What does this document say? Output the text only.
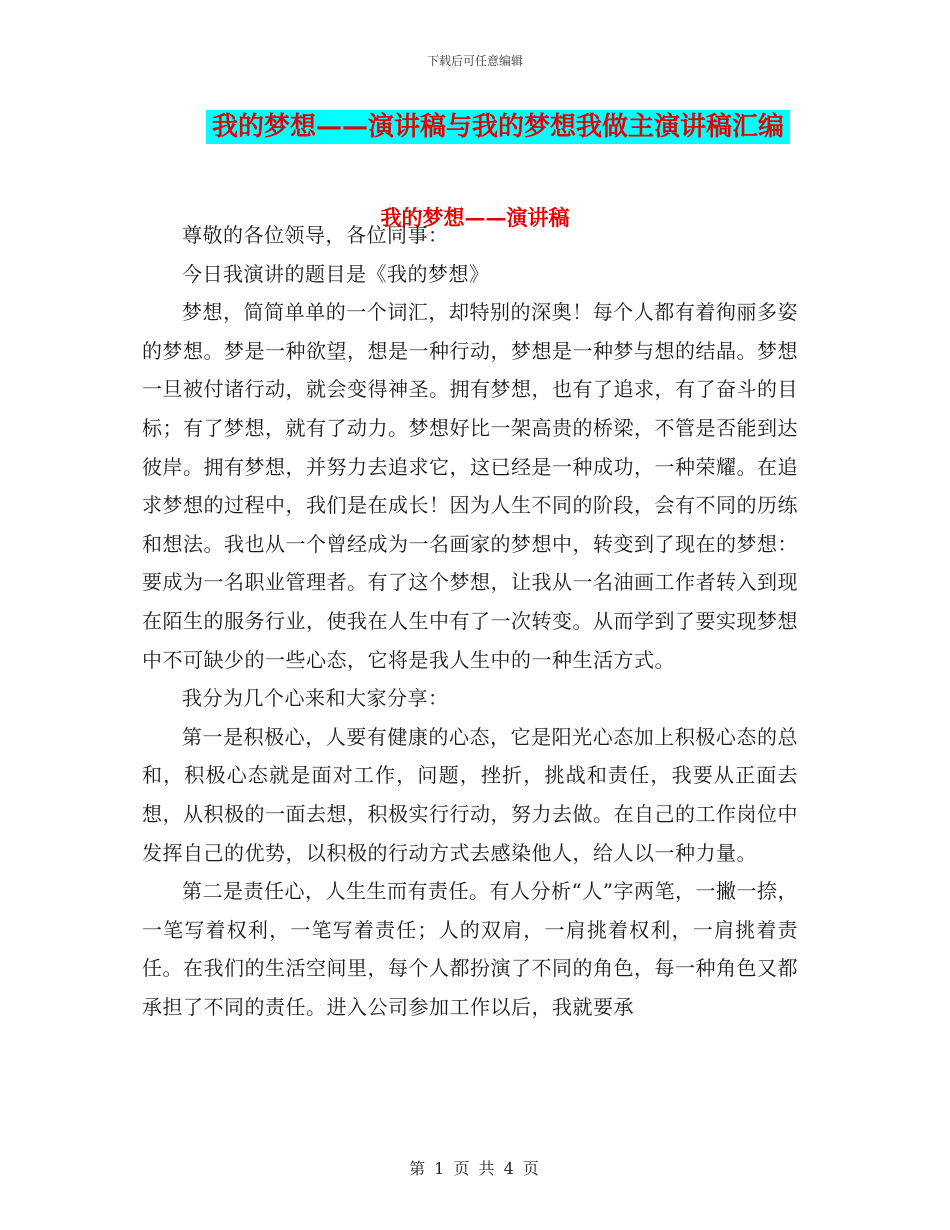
下载后可任意编辑
我的梦想——演讲稿与我的梦想我做主演讲稿汇编
我的梦想——演讲稿

尊敬的各位领导，各位同事：

今日我演讲的题目是《我的梦想》

梦想，简简单单的一个词汇，却特别的深奥！每个人都有着徇丽多姿的梦想。梦是一种欲望，想是一种行动，梦想是一种梦与想的结晶。梦想一旦被付诸行动，就会变得神圣。拥有梦想，也有了追求，有了奋斗的目标；有了梦想，就有了动力。梦想好比一架高贵的桥梁，不管是否能到达彼岸。拥有梦想，并努力去追求它，这已经是一种成功，一种荣耀。在追求梦想的过程中，我们是在成长！因为人生不同的阶段，会有不同的历练和想法。我也从一个曾经成为一名画家的梦想中，转变到了现在的梦想：要成为一名职业管理者。有了这个梦想，让我从一名油画工作者转入到现在陌生的服务行业，使我在人生中有了一次转变。从而学到了要实现梦想中不可缺少的一些心态，它将是我人生中的一种生活方式。

我分为几个心来和大家分享：

第一是积极心，人要有健康的心态，它是阳光心态加上积极心态的总和，积极心态就是面对工作，问题，挫折，挑战和责任，我要从正面去想，从积极的一面去想，积极实行行动，努力去做。在自己的工作岗位中发挥自己的优势，以积极的行动方式去感染他人，给人以一种力量。

第二是责任心，人生生而有责任。有人分析“人”字两笔，一撇一捺，一笔写着权利，一笔写着责任；人的双肩，一肩挑着权利，一肩挑着责任。在我们的生活空间里，每个人都扮演了不同的角色，每一种角色又都承担了不同的责任。进入公司参加工作以后，我就要承

第 1 页 共 4 页
